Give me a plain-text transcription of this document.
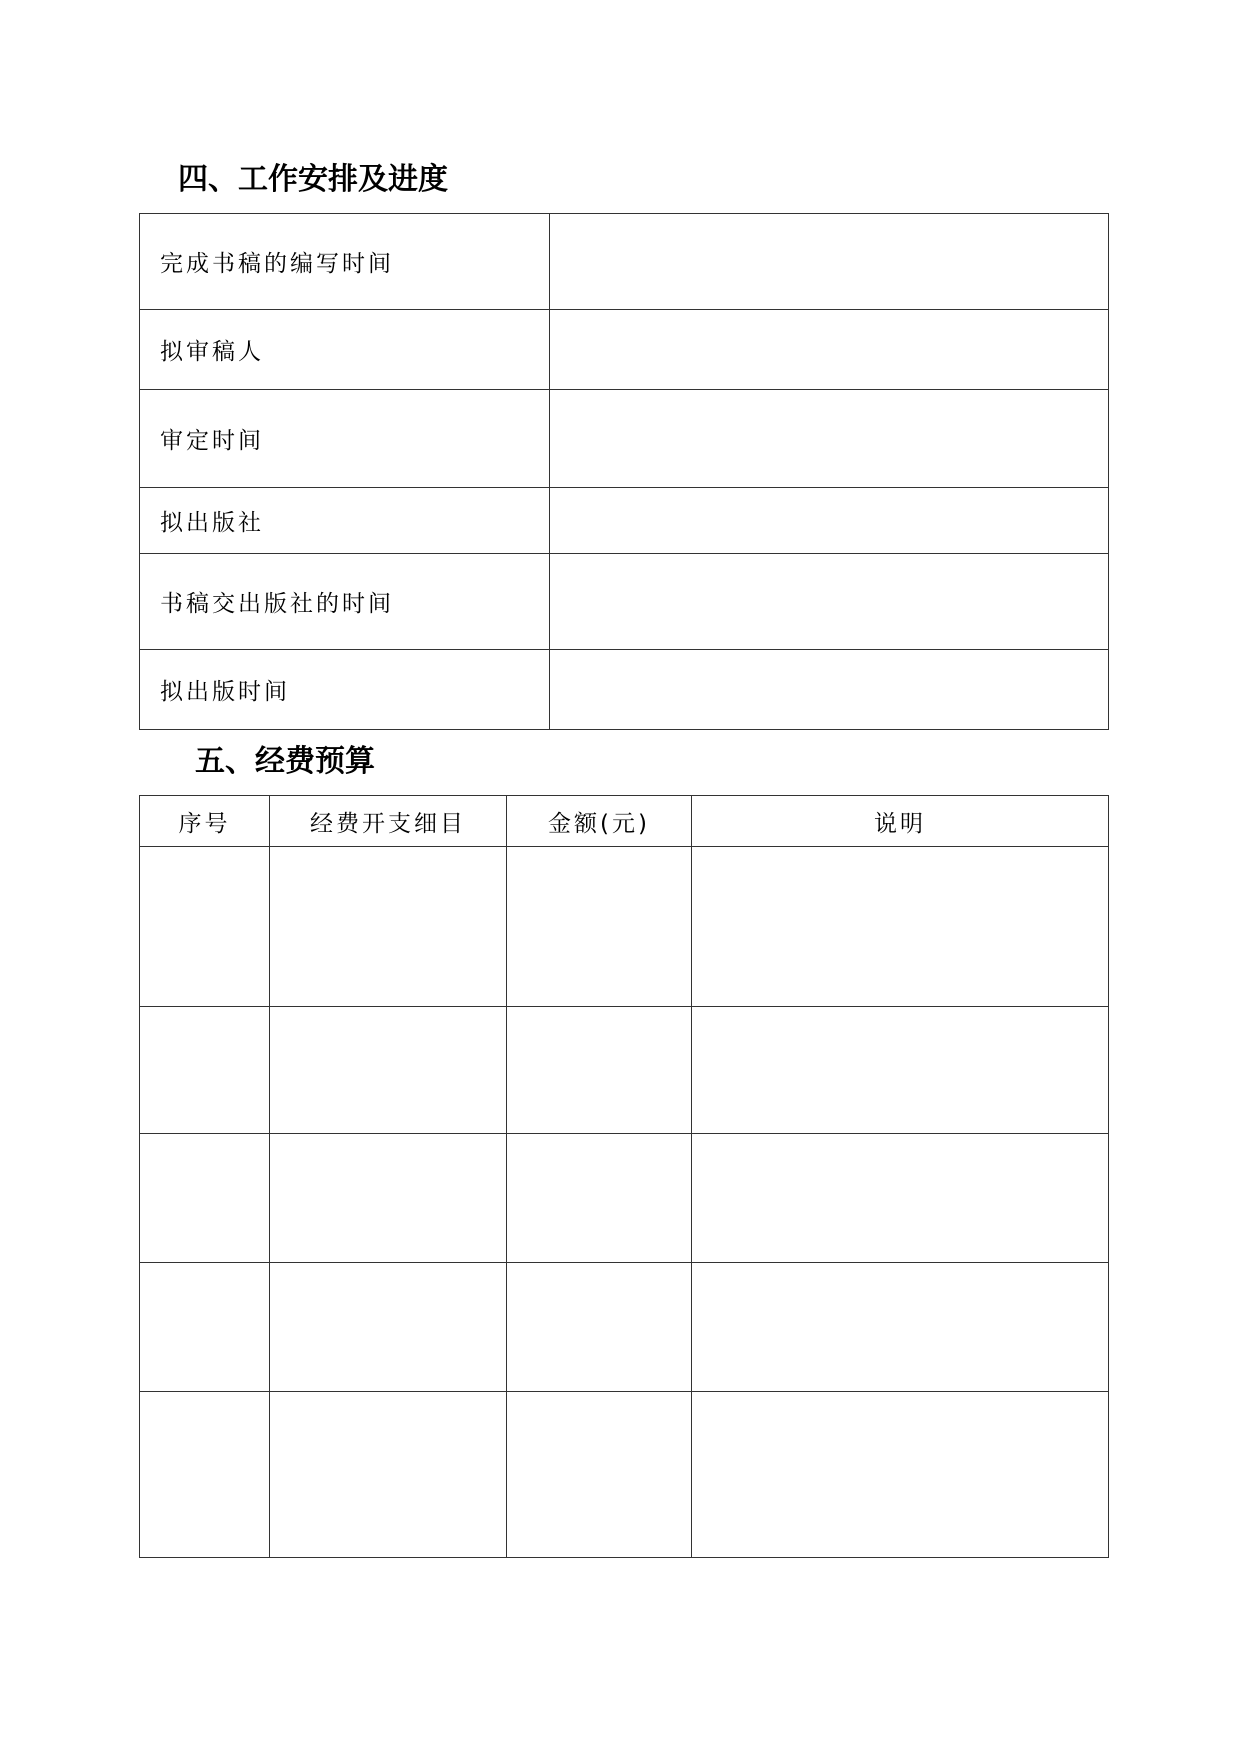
四、工作安排及进度
完成书稿的编写时间	
拟审稿人	
审定时间	
拟出版社	
书稿交出版社的时间	
拟出版时间	
五、经费预算
序号	经费开支细目	金额(元)	说明
